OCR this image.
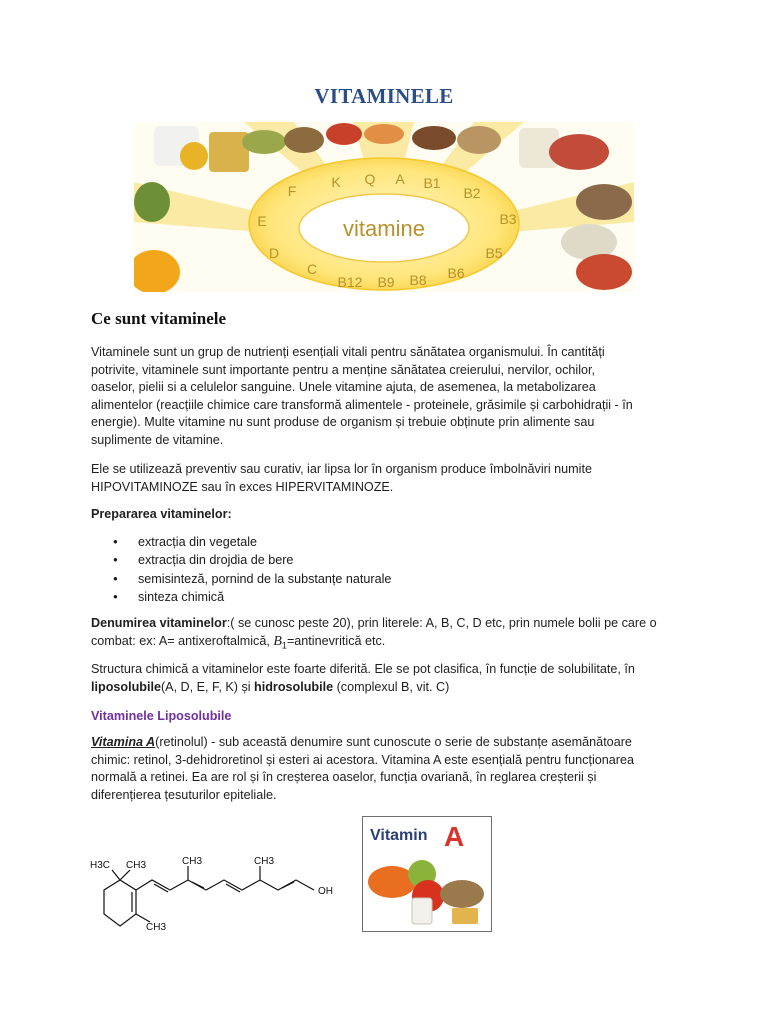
VITAMINELE
vitamine
E
F
K Q A B1
B2
B3
B5
B6
B8
B9
B12
C
D
Ce sunt vitaminele
Vitaminele sunt un grup de nutrienți esențiali vitali pentru sănătatea organismului. În cantități
potrivite, vitaminele sunt importante pentru a menține sănătatea creierului, nervilor, ochilor,
oaselor, pielii si a celulelor sanguine. Unele vitamine ajuta, de asemenea, la metabolizarea
alimentelor (reacțiile chimice care transformă alimentele - proteinele, grăsimile și carbohidrații - în
energie). Multe vitamine nu sunt produse de organism și trebuie obținute prin alimente sau
suplimente de vitamine.
Ele se utilizează preventiv sau curativ, iar lipsa lor în organism produce îmbolnăviri numite
HIPOVITAMINOZE sau în exces HIPERVITAMINOZE.
Prepararea vitaminelor:
● extracția din vegetale
● extracția din drojdia de bere
● semisinteză, pornind de la substanțe naturale
● sinteza chimică
Denumirea vitaminelor:( se cunosc peste 20), prin literele: A, B, C, D etc, prin numele bolii pe care o
combat: ex: A= antixeroftalmică, $B_1=antinevritică$ etc.
Structura chimică a vitaminelor este foarte diferită. Ele se pot clasifica, în funcție de solubilitate, în
liposolubile(A, D, E, F, K) și hidrosolubile (complexul B, vit. C)
Vitaminele Liposolubile
Vitamina A(retinolul) - sub această denumire sunt cunoscute o serie de substanțe asemănătoare
chimic: retinol, 3-dehidroretinol și esteri ai acestora. Vitamina A este esențială pentru funcționarea
normală a retinei. Ea are rol și în creșterea oaselor, funcția ovariană, în reglarea creșterii și
diferențierea țesuturilor epiteliale.
H3C CH3	CH3	CH3
CH3
OH
Vitamin A
